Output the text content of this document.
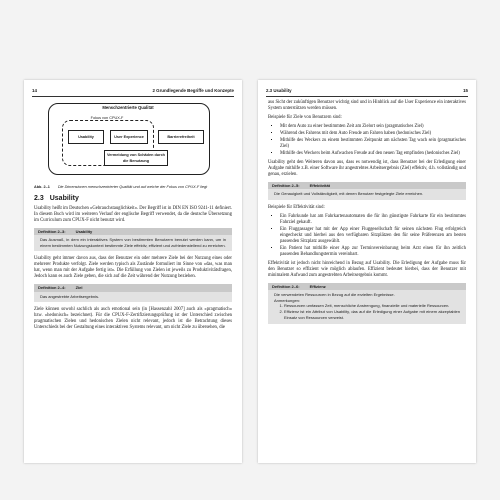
14	2 Grundlegende Begriffe und Konzepte
Menschzentrierte Qualität
Fokus von CPUX-F
Usability	User Experience	Barrierefreiheit
Vermeidung von Schäden durch die Benutzung
Abb. 2–1 Die Dimensionen menschzentrierter Qualität und auf weiche der Fokus von CPUX-F liegt
2.3 Usability

Usability heißt im Deutschen »Gebrauchstauglichkeit«. Der Begriff ist in DIN EN ISO 9241-11 definiert. In diesem Buch wird im weiteren Verlauf der englische Begriff verwendet, da die deutsche Übersetzung im Curriculum zum CPUX-F nicht benutzt wird.

Definition 2–3:	Usability
Das Ausmaß, in dem ein interaktives System von bestimmten Benutzern benutzt werden kann, um in einem bestimmten Nutzungskontext bestimmte Ziele effektiv, effizient und zufriedenstellend zu erreichen.

Usability geht immer davon aus, dass der Benutzer ein oder mehrere Ziele bei der Nutzung eines oder mehrerer Produkte verfolgt. Ziele werden typisch als Zustände formuliert im Sinne von »das, was man hat, wenn man mit der Aufgabe fertig ist«. Die Erfüllung von Zielen ist jeweils zu Produktivitätsfragen, Jedoch kann es auch Ziele geben, die sich auf die Zeit während der Nutzung beziehen.

Definition 2–4:	Ziel
Das angestrebte Arbeitsergebnis.

Ziele können sowohl sachlich als auch emotional sein (in [Hassenzahl 2007] auch als »pragmatisch« bzw. »hedonisch« bezeichnet). Für die CPUX-F-Zertifizierungsprüfung ist der Unterschied zwischen pragmatischen Zielen und hedonischen Zielen nicht relevant, jedoch ist die Betrachtung dieses Unterschieds bei der Gestaltung eines interaktiven Systems relevant, um nicht Ziele zu übersehen, die

2.3 Usability	15

aus Sicht der zukünftigen Benutzer wichtig sind und in Hinblick auf die User Experience ein interaktives System unterstützen werden müssen.

Beispiele für Ziele von Benutzern sind:

▪ Mit dem Auto zu einer bestimmten Zeit am Zielort sein (pragmatisches Ziel)
▪ Während des Fahrens mit dem Auto Freude am Fahren haben (hedonisches Ziel)
▪ Mithilfe des Weckers zu einem bestimmten Zeitpunkt am nächsten Tag wach sein (pragmatisches Ziel)
▪ Mithilfe des Weckers beim Aufwachen Freude auf den neuen Tag empfinden (hedonisches Ziel)

Usability geht den Weiteren davon aus, dass es notwendig ist, dass Benutzer bei der Erledigung einer Aufgabe mithilfe z.B. einer Software ihr angestrebtes Arbeitsergebnis (Ziel) effektiv, d.h. vollständig und genau, erzielen.

Definition 2–5:	Effektivität
Die Genauigkeit und Vollständigkeit, mit denen Benutzer festgelegte Ziele erreichen.

Beispiele für Effektivität sind:

▪ Ein Fahrkunde hat am Fahrkartenautomaten die für ihn günstigste Fahrkarte für ein bestimmtes Fahrziel gekauft.
▪ Ein Fluggassager hat mit der App einer Fluggesellschaft für seinen nächsten Flug erfolgreich eingecheckt und hierbei aus den verfügbaren Sitzplätzen den für seine Präferenzen am besten passenden Sitzplatz ausgewählt.
▪ Ein Patient hat mithilfe einer App zur Terminvereinbarung beim Arzt einen für ihn zeitlich passenden Behandlungstermin vereinbart.

Effektivität ist jedoch nicht hinreichend in Bezug auf Usability. Die Erledigung der Aufgabe muss für den Benutzer so effizient wie möglich ablaufen. Effizient bedeutet hierbei, dass der Benutzer mit minimalem Aufwand zum angestrebten Arbeitsergebnis kommt.

Definition 2–6:	Effizienz
Die verwendeten Ressourcen in Bezug auf die erzielten Ergebnisse.
Anmerkungen:
1. Ressourcen umfassen Zeit, menschliche Anstrengung, finanzielle und materielle Ressourcen.
2. Effizienz ist ein Attribut von Usability, das auf die Erledigung einer Aufgabe mit einem akzeptablen Einsatz von Ressourcen verweist.
